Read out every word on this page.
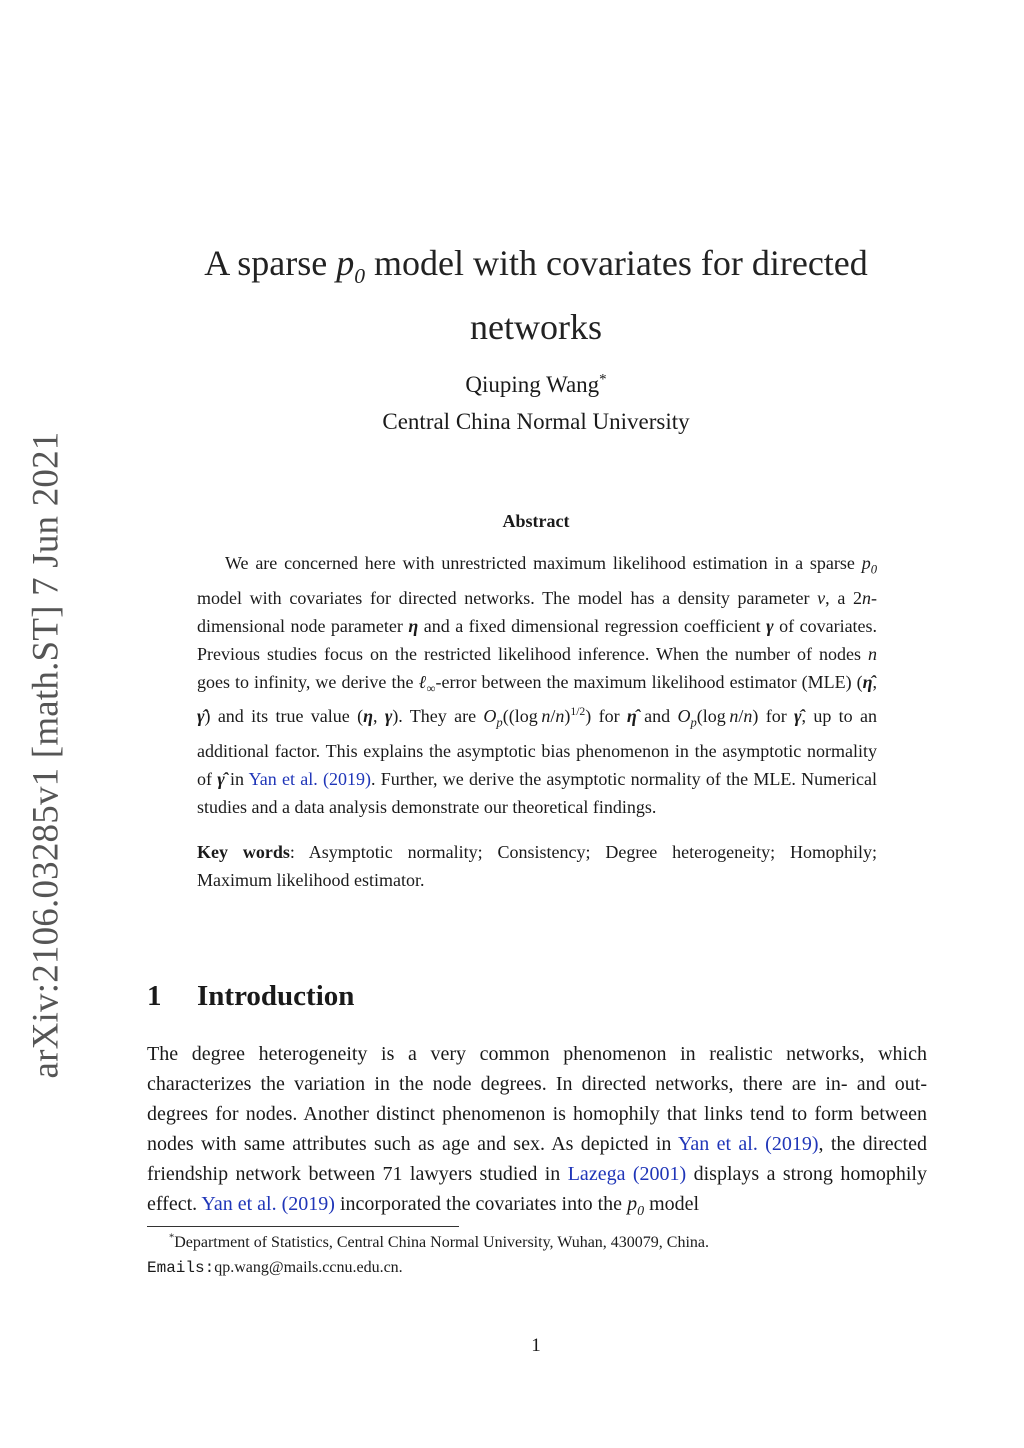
arXiv:2106.03285v1 [math.ST] 7 Jun 2021
A sparse $p_0$ model with covariates for directed
networks
Qiuping Wang*
Central China Normal University
Abstract
We are concerned here with unrestricted maximum likelihood estimation in a sparse $p_0$ model with covariates for directed networks. The model has a density parameter ν, a 2n-dimensional node parameter η and a fixed dimensional regression coefficient γ of covariates. Previous studies focus on the restricted likelihood inference. When the number of nodes n goes to infinity, we derive the ℓ$_\infty$-error between the maximum likelihood estimator (MLE) (η̂, γ̂) and its true value (η, γ). They are $O_p((\log$  n/n)$^{1/2}$) for η̂ and $O_p(\log$  n/n) for γ̂, up to an additional factor. This explains the asymptotic bias phenomenon in the asymptotic normality of γ̂ in Yan et al. (2019). Further, we derive the asymptotic normality of the MLE. Numerical studies and a data analysis demonstrate our theoretical findings.
Key words: Asymptotic normality; Consistency; Degree heterogeneity; Homophily; Maximum likelihood estimator.
1 Introduction
The degree heterogeneity is a very common phenomenon in realistic networks, which characterizes the variation in the node degrees. In directed networks, there are in- and out-degrees for nodes. Another distinct phenomenon is homophily that links tend to form between nodes with same attributes such as age and sex. As depicted in Yan et al. (2019), the directed friendship network between 71 lawyers studied in Lazega (2001) displays a strong homophily effect. Yan et al. (2019) incorporated the covariates into the $p_0$ model
*Department of Statistics, Central China Normal University, Wuhan, 430079, China.
Emails:qp.wang@mails.ccnu.edu.cn.
1
